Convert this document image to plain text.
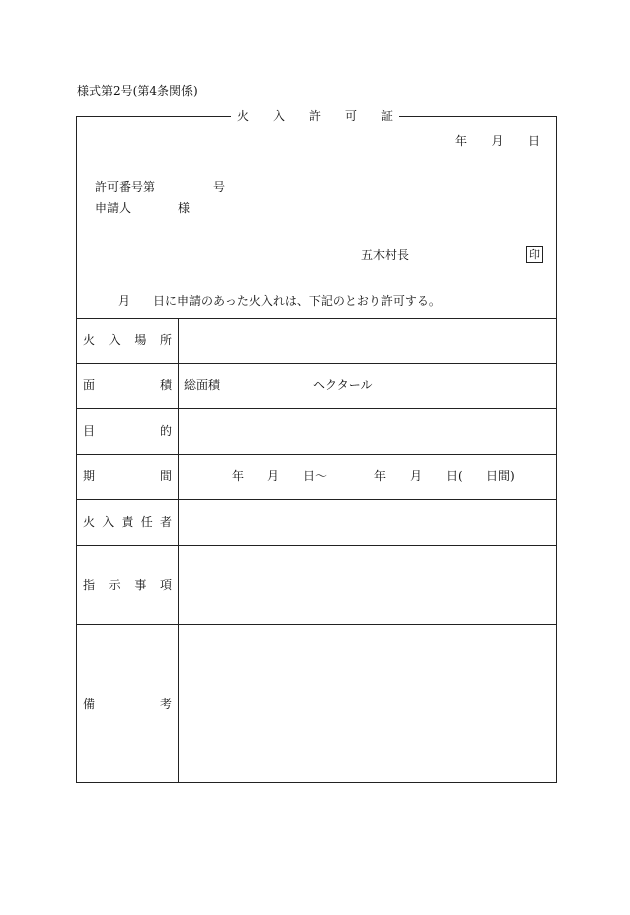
様式第2号(第4条関係)
火 入 許 可 証
年 月 日
許可番号第	号
申請人	様
五木村長	印
月 日に申請のあった火入れは、下記のとおり許可する。
火入場所
面積 総面積	ヘクタール
目的
期間	年 月 日〜	年 月 日( 日間)
火入責任者
指示事項
備考
